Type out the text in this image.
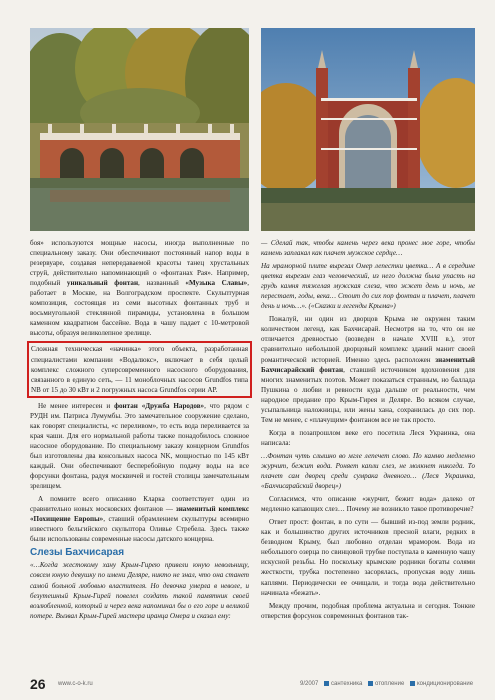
боя» используются мощные насосы, иногда выполненные по специальному заказу. Они обеспечивают постоянный напор воды в резервуаре, создавая непередаваемой красоты танец хрустальных струй, действительно напоминающий о «фонтанах Рая». Например, подобный уникальный фонтан, названный «Музыка Славы», работает в Москве, на Волгоградском проспекте. Скульптурная композиция, состоящая из семи высотных фонтанных труб и восьмиугольной стеклянной пирамиды, установлена в большом каменном квадратном бассейне. Вода в чашу падает с 10-метровой высоты, образуя великолепное зрелище.

Сложная техническая «начинка» этого объекта, разработанная специалистами компании «Водалюкс», включает в себя целый комплекс сложного суперсовременного насосного оборудования, связанного в единую сеть, — 11 моноблочных насосов Grundfos типа NB от 15 до 30 кВт и 2 погружных насоса Grundfos серии AP.

Не менее интересен и фонтан «Дружба Народов», что рядом с РУДН им. Патриса Лумумбы. Это замечательное сооружение сделано, как говорят специалисты, «с переливом», то есть вода переливается за края чаши. Для его нормальной работы также понадобилось сложное насосное оборудование. По специальному заказу концерном Grundfos был изготовлены два консольных насоса NK, мощностью по 145 кВт каждый. Они обеспечивают бесперебойную подачу воды на все форсунки фонтана, радуя москвичей и гостей столицы замечательным зрелищем.

А помните всего описанию Кларка соответствует один из сравнительно новых московских фонтанов — знаменитый комплекс «Похищение Европы», ставший обрамлением скульптуры всемирно известного бельгийского скульптора Оливье Стребела. Здесь также были использованы современные насосы датского концерна.

Слезы Бахчисарая

«…Когда жестокому хану Крым-Гирею привели юную невольницу, совсем юную девушку по имени Деляре, никто не знал, что она станет самой больной любовью властителя. Но девочка умерла в неволе, и безутешный Крым-Гирей повелел создать такой памятник своей возлюбленной, который и через века напоминал бы о его горе и великой потере. Вызвал Крым-Гирей мастера иранца Омера и сказал ему:

— Сделай так, чтобы камень через века пронес мое горе, чтобы камень заплакал как плачет мужское сердце…

На мраморной плите вырезал Омер лепестки цветка… А в середине цветка вырезан глаз человеческий, из него должна была упасть на грудь камня тяжелая мужская слеза, что жжет день и ночь, не перестает, годы, века… Стоит до сих пор фонтан и плачет, плачет день и ночь…». («Сказки и легенды Крыма»)

Пожалуй, ни один из дворцов Крыма не окружен таким количеством легенд, как Бахчисарай. Несмотря на то, что он не отличается древностью (возведен в начале XVIII в.), этот сравнительно небольшой дворцовый комплекс зданий манит своей романтической историей. Именно здесь расположен знаменитый Бахчисарайский фонтан, ставший источником вдохновения для многих знаменитых поэтов. Может показаться странным, но баллада Пушкина о любви и ревности куда дальше от реальности, чем народное предание про Крым-Гирея и Деляре. Во всяком случае, усыпальница наложницы, или жены хана, сохранилась до сих пор. Тем не менее, с «плачущим» фонтаном все не так просто.

Когда в позапрошлом веке его посетила Леся Украинка, она написала:

…Фонтан чуть слышно во мгле лепечет слово. По камню медленно журчит, бежит вода. Роняет капли слез, не молкнет никогда. То плачет сам дворец среди сумрака дневного… (Леся Украинка, «Бахчисарайский дворец»)

Согласимся, что описание «журчит, бежит вода» далеко от медленно капающих слез… Почему же возникло такое противоречие?

Ответ прост: фонтан, в по сути — бывший из-под земли родник, как и большинство других источников пресной влаги, редких в безводном Крыму, был любовно отделан мрамором. Вода из небольшого озерца по свинцовой трубке поступала в каменную чашу искусной резьбы. Но поскольку крымские родники богаты солями жесткости, трубка постепенно засорялась, пропуская воду лишь каплями. Периодически ее очищали, и тогда вода действительно начинала «бежать».

Между прочим, подобная проблема актуальна и сегодня. Тонкие отверстия форсунок современных фонтанов так-

26 www.c-o-k.ru	9/2007 сантехника отопление кондиционирование
